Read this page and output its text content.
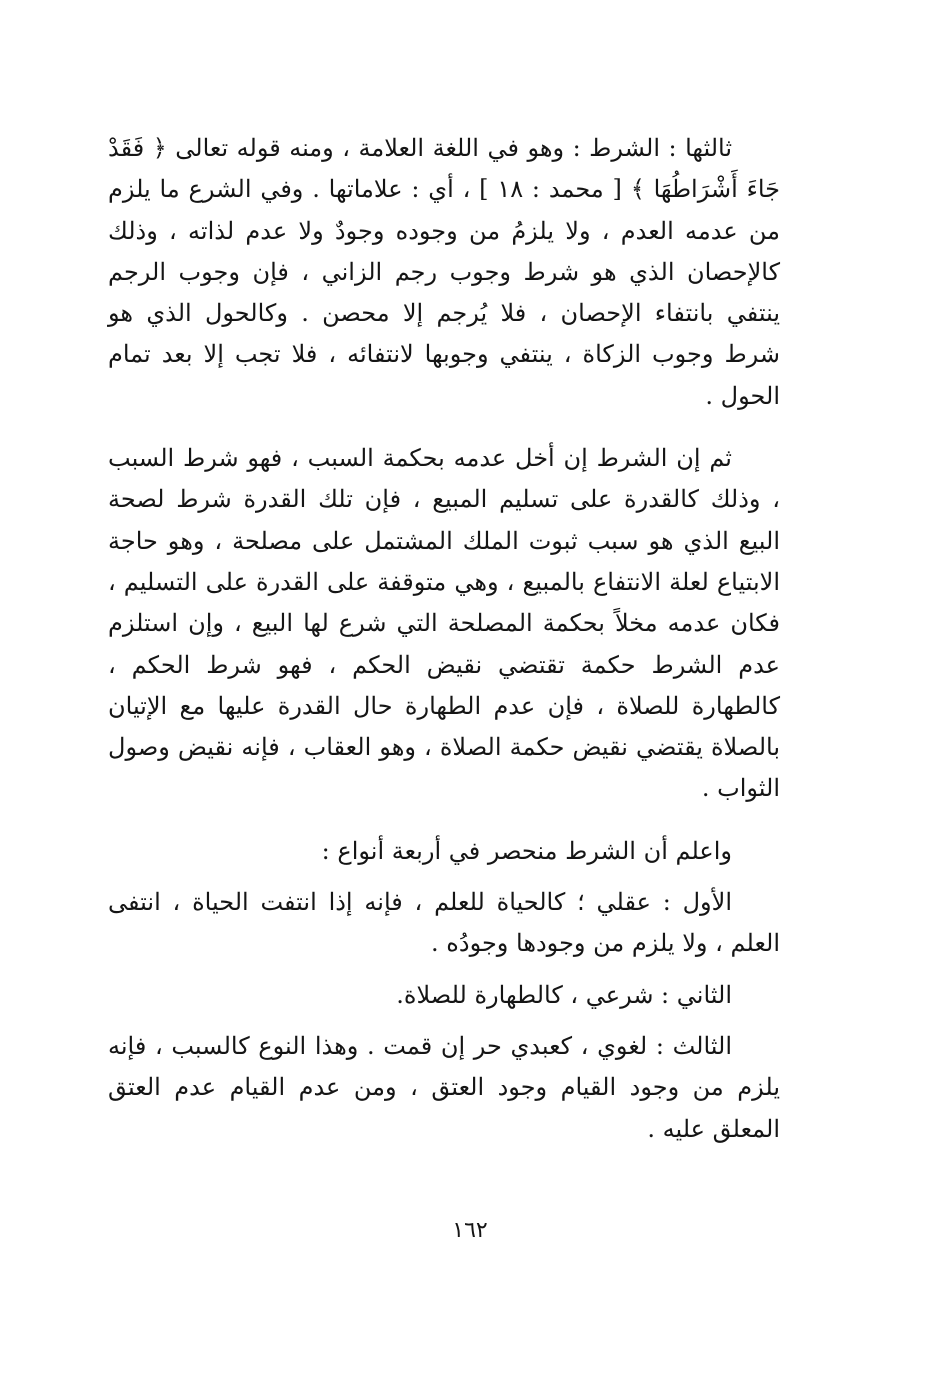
ثالثها : الشرط : وهو في اللغة العلامة ، ومنه قوله تعالى ﴿ فَقَدْ جَاءَ أَشْرَاطُهَا ﴾ [ محمد : ١٨ ] ، أي : علاماتها . وفي الشرع ما يلزم من عدمه العدم ، ولا يلزمُ من وجوده وجودٌ ولا عدم لذاته ، وذلك كالإحصان الذي هو شرط وجوب رجم الزاني ، فإن وجوب الرجم ينتفي بانتفاء الإحصان ، فلا يُرجم إلا محصن . وكالحول الذي هو شرط وجوب الزكاة ، ينتفي وجوبها لانتفائه ، فلا تجب إلا بعد تمام الحول .

ثم إن الشرط إن أخل عدمه بحكمة السبب ، فهو شرط السبب ، وذلك كالقدرة على تسليم المبيع ، فإن تلك القدرة شرط لصحة البيع الذي هو سبب ثبوت الملك المشتمل على مصلحة ، وهو حاجة الابتياع لعلة الانتفاع بالمبيع ، وهي متوقفة على القدرة على التسليم ، فكان عدمه مخلاً بحكمة المصلحة التي شرع لها البيع ، وإن استلزم عدم الشرط حكمة تقتضي نقيض الحكم ، فهو شرط الحكم ، كالطهارة للصلاة ، فإن عدم الطهارة حال القدرة عليها مع الإتيان بالصلاة يقتضي نقيض حكمة الصلاة ، وهو العقاب ، فإنه نقيض وصول الثواب .

واعلم أن الشرط منحصر في أربعة أنواع :

الأول : عقلي ؛ كالحياة للعلم ، فإنه إذا انتفت الحياة ، انتفى العلم ، ولا يلزم من وجودها وجودُه .

الثاني : شرعي ، كالطهارة للصلاة.

الثالث : لغوي ، كعبدي حر إن قمت . وهذا النوع كالسبب ، فإنه يلزم من وجود القيام وجود العتق ، ومن عدم القيام عدم العتق المعلق عليه .

١٦٢
